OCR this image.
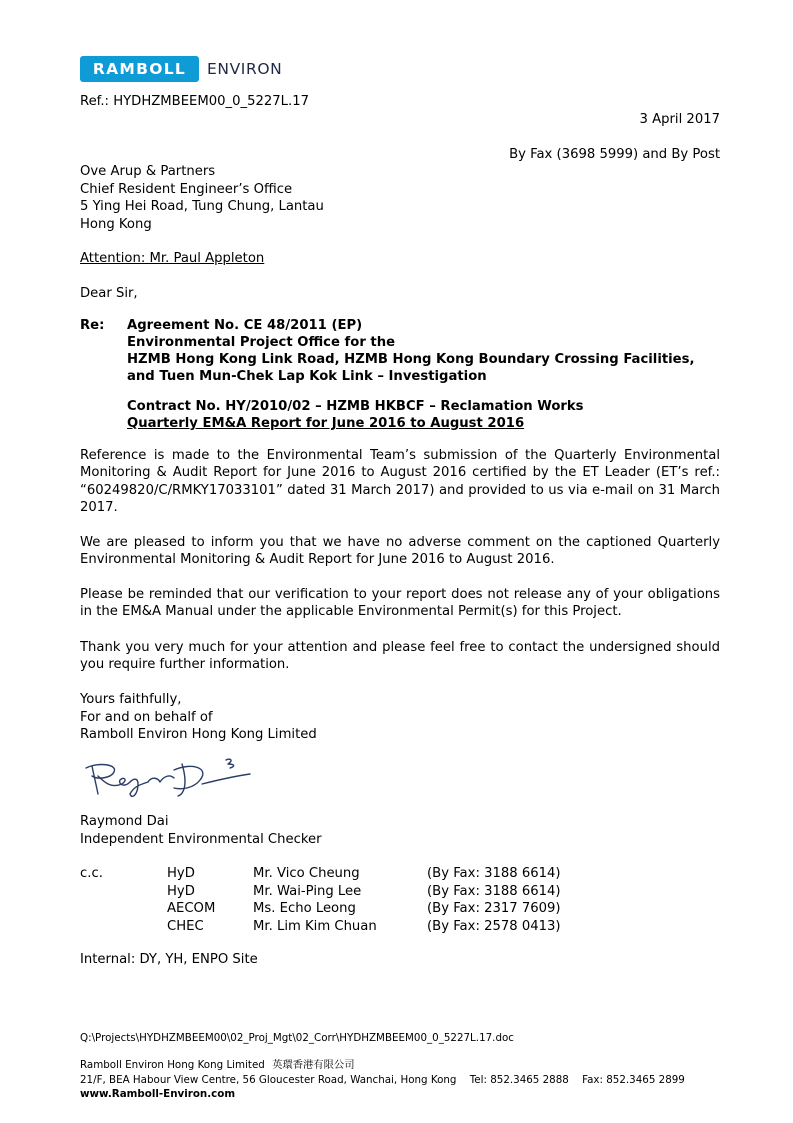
RAMBOLL	ENVIRON
Ref.: HYDHZMBEEM00_0_5227L.17
3 April 2017
By Fax (3698 5999) and By Post
Ove Arup & Partners
Chief Resident Engineer’s Office
5 Ying Hei Road, Tung Chung, Lantau
Hong Kong
Attention: Mr. Paul Appleton
Dear Sir,
Re: Agreement No. CE 48/2011 (EP)
Environmental Project Office for the
HZMB Hong Kong Link Road, HZMB Hong Kong Boundary Crossing Facilities,
and Tuen Mun-Chek Lap Kok Link – Investigation
Contract No. HY/2010/02 – HZMB HKBCF – Reclamation Works
Quarterly EM&A Report for June 2016 to August 2016

Reference is made to the Environmental Team’s submission of the Quarterly Environmental Monitoring & Audit Report for June 2016 to August 2016 certified by the ET Leader (ET’s ref.: “60249820/C/RMKY17033101” dated 31 March 2017) and provided to us via e-mail on 31 March 2017.

We are pleased to inform you that we have no adverse comment on the captioned Quarterly Environmental Monitoring & Audit Report for June 2016 to August 2016.

Please be reminded that our verification to your report does not release any of your obligations in the EM&A Manual under the applicable Environmental Permit(s) for this Project.

Thank you very much for your attention and please feel free to contact the undersigned should you require further information.

Yours faithfully,
For and on behalf of
Ramboll Environ Hong Kong Limited
Raymond Dai
Independent Environmental Checker
c.c.	HyD
HyD
AECOM
CHEC
Mr. Vico Cheung
Mr. Wai-Ping Lee
Ms. Echo Leong
Mr. Lim Kim Chuan
(By Fax: 3188 6614)
(By Fax: 3188 6614)
(By Fax: 2317 7609)
(By Fax: 2578 0413)
Internal: DY, YH, ENPO Site
Q:\Projects\HYDHZMBEEM00\02_Proj_Mgt\02_Corr\HYDHZMBEEM00_0_5227L.17.doc
Ramboll Environ Hong Kong Limited 英環香港有限公司
21/F, BEA Habour View Centre, 56 Gloucester Road, Wanchai, Hong Kong Tel: 852.3465 2888 Fax: 852.3465 2899
www.Ramboll-Environ.com
